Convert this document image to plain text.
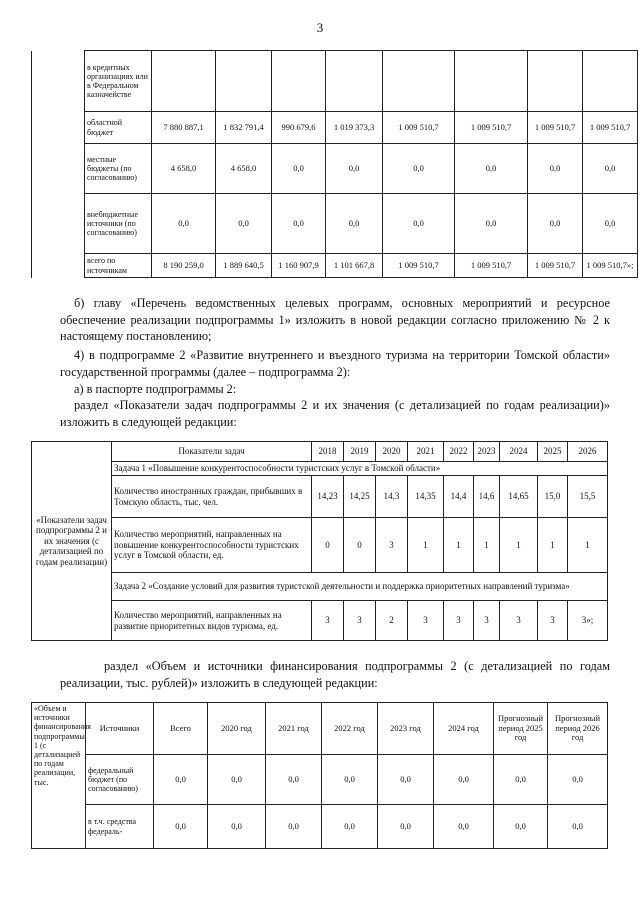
3
	в кредитных организациях или в Федеральном казначействе								
	областной бюджет	7 880 887,1	1 832 791,4	990 679,6	1 019 373,3	1 009 510,7	1 009 510,7	1 009 510,7	1 009 510,7
	местные бюджеты (по согласованию)	4 658,0	4 658,0	0,0	0,0	0,0	0,0	0,0	0,0
	внебюджетные источники (по согласованию)	0,0	0,0	0,0	0,0	0,0	0,0	0,0	0,0
	всего по источникам	8 190 259,0	1 889 640,5	1 160 907,9	1 101 667,8	1 009 510,7	1 009 510,7	1 009 510,7	1 009 510,7»;
б) главу «Перечень ведомственных целевых программ, основных мероприятий и ресурсное обеспечение реализации подпрограммы 1» изложить в новой редакции согласно приложению № 2 к настоящему постановлению;
4) в подпрограмме 2 «Развитие внутреннего и въездного туризма на территории Томской области» государственной программы (далее – подпрограмма 2):
а) в паспорте подпрограммы 2:
раздел «Показатели задач подпрограммы 2 и их значения (с детализацией по годам реализации)» изложить в следующей редакции:
«Показатели задач подпрограммы 2 и их значения (с детализацией по годам реализации)	Показатели задач	2018	2019	2020	2021	2022	2023	2024	2025	2026
	Задача 1 «Повышение конкурентоспособности туристских услуг в Томской области»									
	Количество иностранных граждан, прибывших в Томскую область, тыс. чел.	14,23	14,25	14,3	14,35	14,4	14,6	14,65	15,0	15,5
	Количество мероприятий, направленных на повышение конкурентоспособности туристских услуг в Томской области, ед.	0	0	3	1	1	1	1	1	1
	Задача 2 «Создание условий для развития туристской деятельности и поддержка приоритетных направлений туризма»									
	Количество мероприятий, направленных на развитие приоритетных видов туризма, ед.	3	3	2	3	3	3	3	3	3»;
раздел «Объем и источники финансирования подпрограммы 2 (с детализацией по годам реализации, тыс. рублей)» изложить в следующей редакции:
«Объем и источники финансирования подпрограммы 1 (с детализацией по годам реализации, тыс.	Источники	Всего	2020 год	2021 год	2022 год	2023 год	2024 год	Прогнозный период 2025 год	Прогнозный период 2026 год
	федеральный бюджет (по согласованию)	0,0	0,0	0,0	0,0	0,0	0,0	0,0	0,0
	в т.ч. средства федераль-	0,0	0,0	0,0	0,0	0,0	0,0	0,0	0,0
